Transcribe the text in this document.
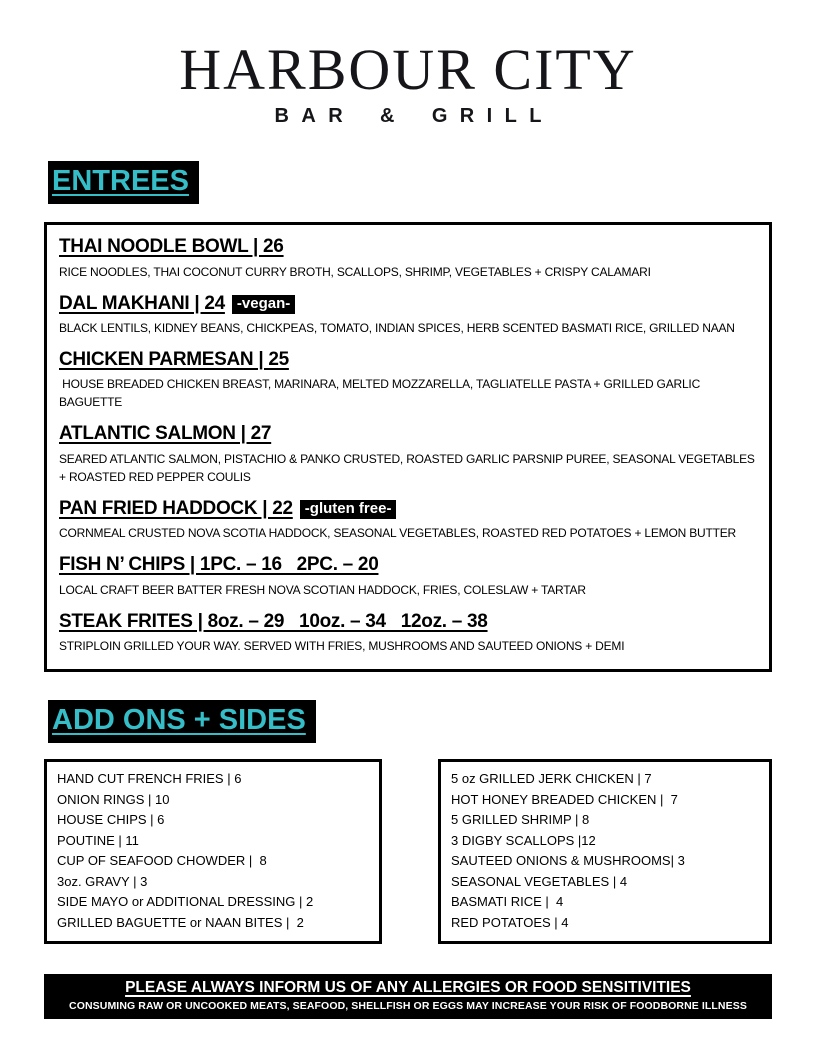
HARBOUR CITY
BAR & GRILL
ENTREES
THAI NOODLE BOWL | 26
RICE NOODLES, THAI COCONUT CURRY BROTH, SCALLOPS, SHRIMP, VEGETABLES + CRISPY CALAMARI
DAL MAKHANI | 24 -vegan-
BLACK LENTILS, KIDNEY BEANS, CHICKPEAS, TOMATO, INDIAN SPICES, HERB SCENTED BASMATI RICE, GRILLED NAAN
CHICKEN PARMESAN | 25
HOUSE BREADED CHICKEN BREAST, MARINARA, MELTED MOZZARELLA, TAGLIATELLE PASTA + GRILLED GARLIC BAGUETTE
ATLANTIC SALMON | 27
SEARED ATLANTIC SALMON, PISTACHIO & PANKO CRUSTED, ROASTED GARLIC PARSNIP PUREE, SEASONAL VEGETABLES + ROASTED RED PEPPER COULIS
PAN FRIED HADDOCK | 22 -gluten free-
CORNMEAL CRUSTED NOVA SCOTIA HADDOCK, SEASONAL VEGETABLES, ROASTED RED POTATOES + LEMON BUTTER
FISH N’ CHIPS | 1PC. – 16   2PC. – 20
LOCAL CRAFT BEER BATTER FRESH NOVA SCOTIAN HADDOCK, FRIES, COLESLAW + TARTAR
STEAK FRITES | 8oz. – 29   10oz. – 34   12oz. – 38
STRIPLOIN GRILLED YOUR WAY. SERVED WITH FRIES, MUSHROOMS AND SAUTEED ONIONS + DEMI
ADD ONS + SIDES
HAND CUT FRENCH FRIES | 6
ONION RINGS | 10
HOUSE CHIPS | 6
POUTINE | 11
CUP OF SEAFOOD CHOWDER |  8
3oz. GRAVY | 3
SIDE MAYO or ADDITIONAL DRESSING | 2
GRILLED BAGUETTE or NAAN BITES |  2
5 oz GRILLED JERK CHICKEN | 7
HOT HONEY BREADED CHICKEN |  7
5 GRILLED SHRIMP | 8
3 DIGBY SCALLOPS |12
SAUTEED ONIONS & MUSHROOMS| 3
SEASONAL VEGETABLES | 4
BASMATI RICE |  4
RED POTATOES | 4
PLEASE ALWAYS INFORM US OF ANY ALLERGIES OR FOOD SENSITIVITIES
CONSUMING RAW OR UNCOOKED MEATS, SEAFOOD, SHELLFISH OR EGGS MAY INCREASE YOUR RISK OF FOODBORNE ILLNESS
